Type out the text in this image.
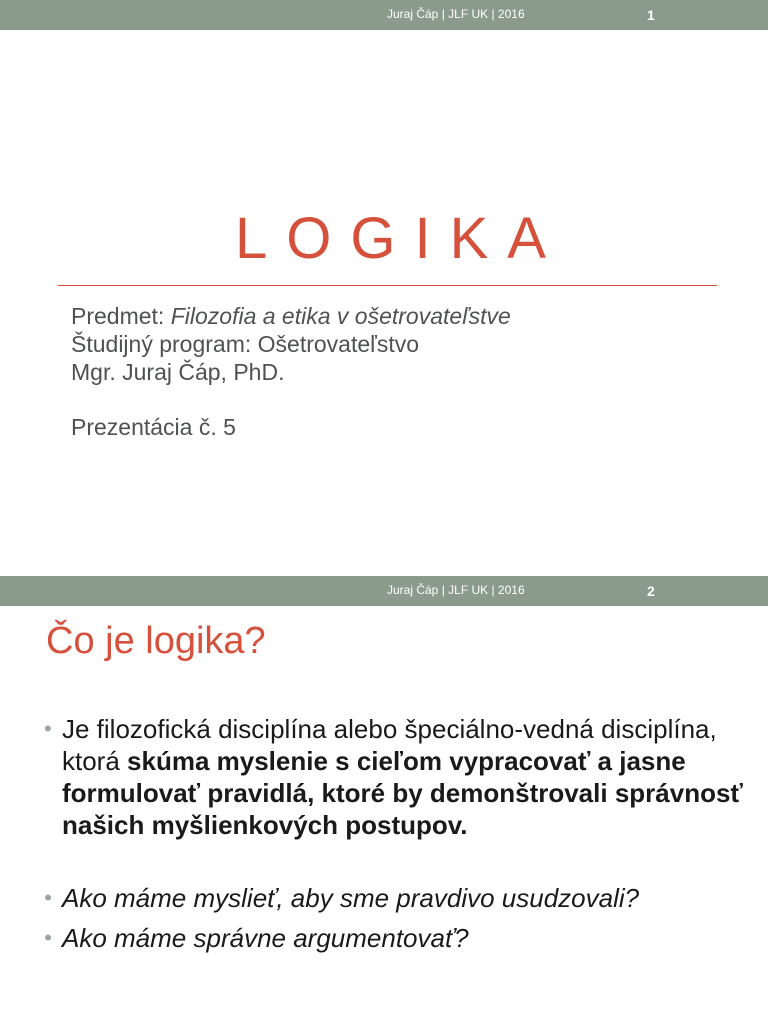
Juraj Čáp | JLF UK | 2016	1
LOGIKA
Predmet: Filozofia a etika v ošetrovateľstve
Študijný program: Ošetrovateľstvo
Mgr. Juraj Čáp, PhD.
Prezentácia č. 5
Juraj Čáp | JLF UK | 2016	2
Čo je logika?
• Je filozofická disciplína alebo špeciálno-vedná disciplína, ktorá skúma myslenie s cieľom vypracovať a jasne formulovať pravidlá, ktoré by demonštrovali správnosť našich myšlienkových postupov.
• Ako máme myslieť, aby sme pravdivo usudzovali?
• Ako máme správne argumentovať?
